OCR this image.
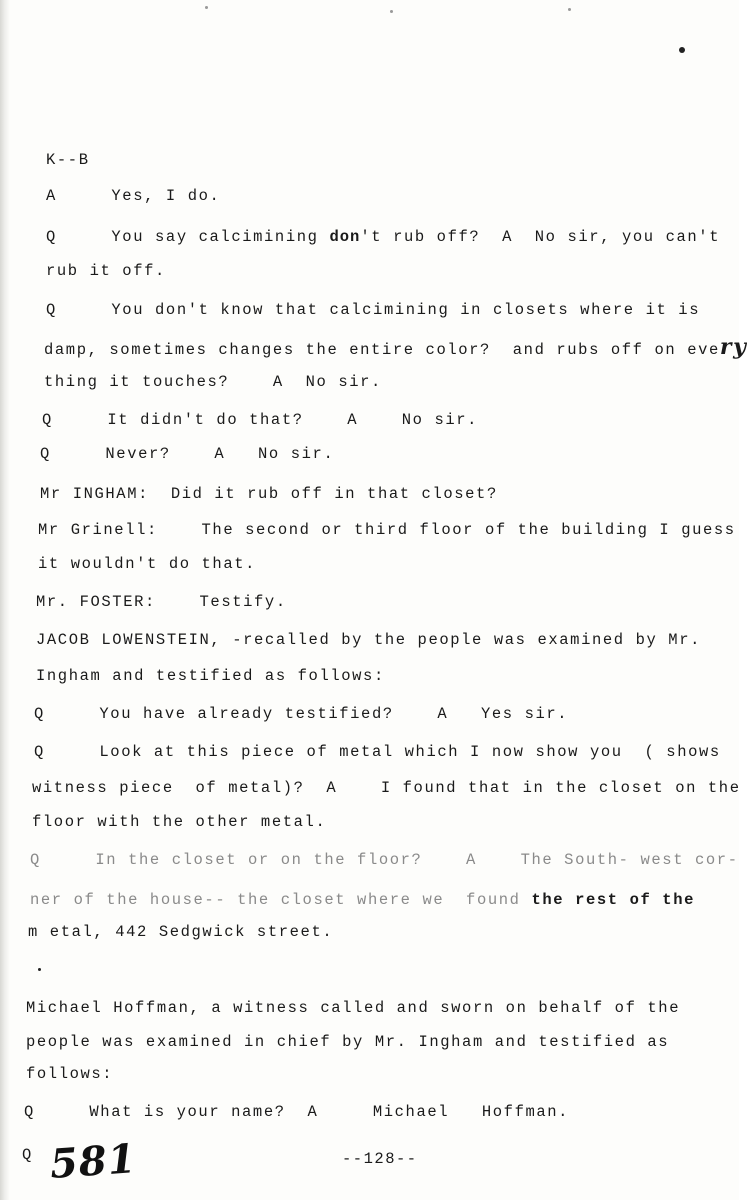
K--B
A     Yes, I do.
Q     You say calcimining don't rub off?  A  No sir, you can't
rub it off.
Q     You don't know that calcimining in closets where it is
damp, sometimes changes the entire color?  and rubs off on every
thing it touches?    A  No sir.
Q     It didn't do that?    A    No sir.
Q     Never?    A   No sir.
Mr INGHAM:  Did it rub off in that closet?
Mr Grinell:    The second or third floor of the building I guess
it wouldn't do that.
Mr. FOSTER:    Testify.
JACOB LOWENSTEIN, -recalled by the people was examined by Mr.
Ingham and testified as follows:
Q     You have already testified?    A   Yes sir.
Q     Look at this piece of metal which I now show you  ( shows
witness piece  of metal)?  A    I found that in the closet on the
floor with the other metal.
Q     In the closet or on the floor?    A    The South- west cor-
ner of the house-- the closet where we  found the rest of the
m etal, 442 Sedgwick street.
Michael Hoffman, a witness called and sworn on behalf of the
people was examined in chief by Mr. Ingham and testified as
follows:
Q     What is your name?  A     Michael   Hoffman.
Q 581	--128--
